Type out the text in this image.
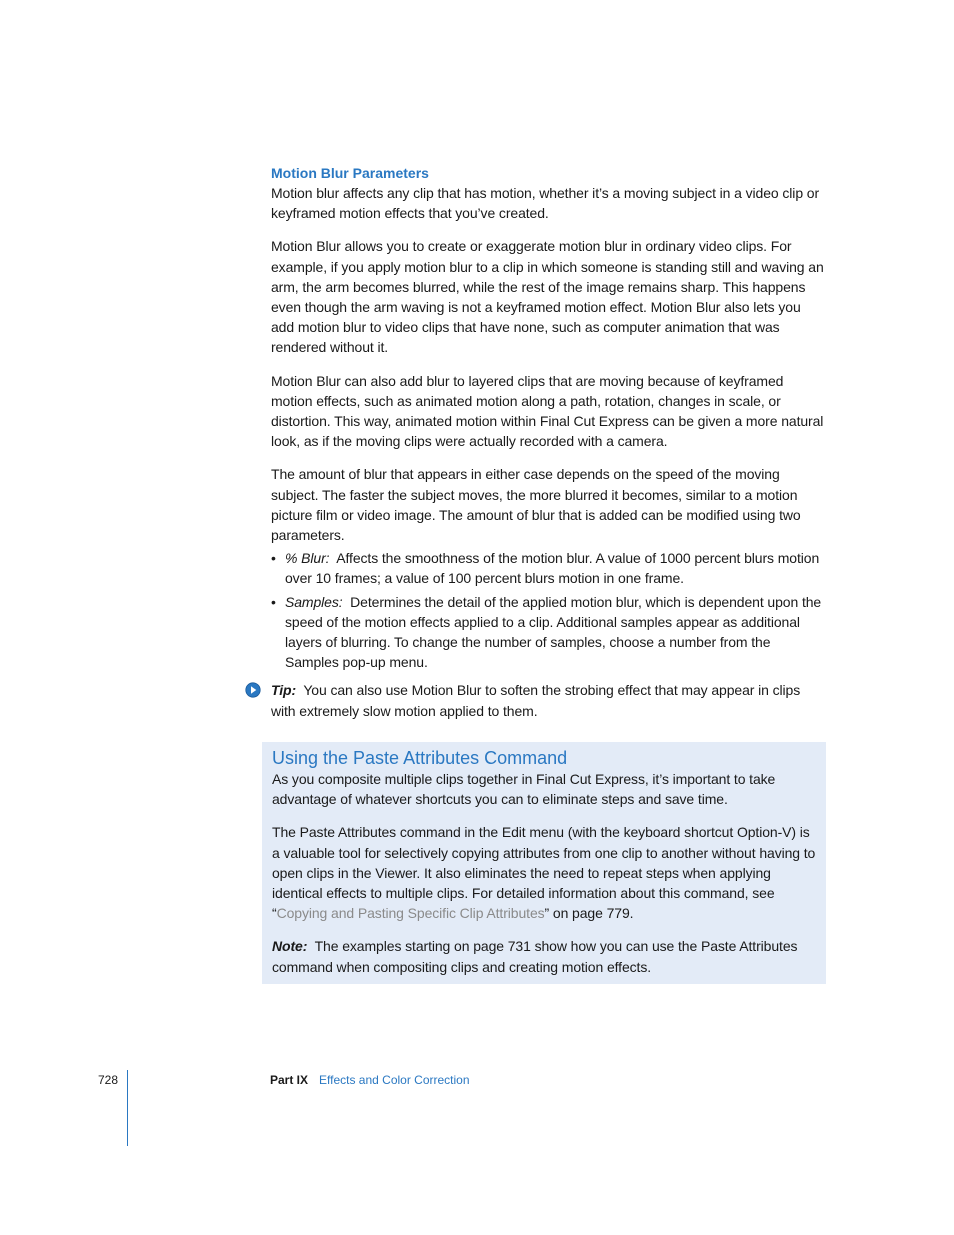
Motion Blur Parameters

Motion blur affects any clip that has motion, whether it’s a moving subject in a video clip or keyframed motion effects that you’ve created.

Motion Blur allows you to create or exaggerate motion blur in ordinary video clips. For example, if you apply motion blur to a clip in which someone is standing still and waving an arm, the arm becomes blurred, while the rest of the image remains sharp. This happens even though the arm waving is not a keyframed motion effect. Motion Blur also lets you add motion blur to video clips that have none, such as computer animation that was rendered without it.

Motion Blur can also add blur to layered clips that are moving because of keyframed motion effects, such as animated motion along a path, rotation, changes in scale, or distortion. This way, animated motion within Final Cut Express can be given a more natural look, as if the moving clips were actually recorded with a camera.

The amount of blur that appears in either case depends on the speed of the moving subject. The faster the subject moves, the more blurred it becomes, similar to a motion picture film or video image. The amount of blur that is added can be modified using two parameters.

• % Blur: Affects the smoothness of the motion blur. A value of 1000 percent blurs motion over 10 frames; a value of 100 percent blurs motion in one frame.
• Samples: Determines the detail of the applied motion blur, which is dependent upon the speed of the motion effects applied to a clip. Additional samples appear as additional layers of blurring. To change the number of samples, choose a number from the Samples pop-up menu.
Tip: You can also use Motion Blur to soften the strobing effect that may appear in clips with extremely slow motion applied to them.
Using the Paste Attributes Command

As you composite multiple clips together in Final Cut Express, it’s important to take advantage of whatever shortcuts you can to eliminate steps and save time.

The Paste Attributes command in the Edit menu (with the keyboard shortcut Option-V) is a valuable tool for selectively copying attributes from one clip to another without having to open clips in the Viewer. It also eliminates the need to repeat steps when applying identical effects to multiple clips. For detailed information about this command, see “Copying and Pasting Specific Clip Attributes” on page 779.

Note: The examples starting on page 731 show how you can use the Paste Attributes command when compositing clips and creating motion effects.

728	Part IX Effects and Color Correction
